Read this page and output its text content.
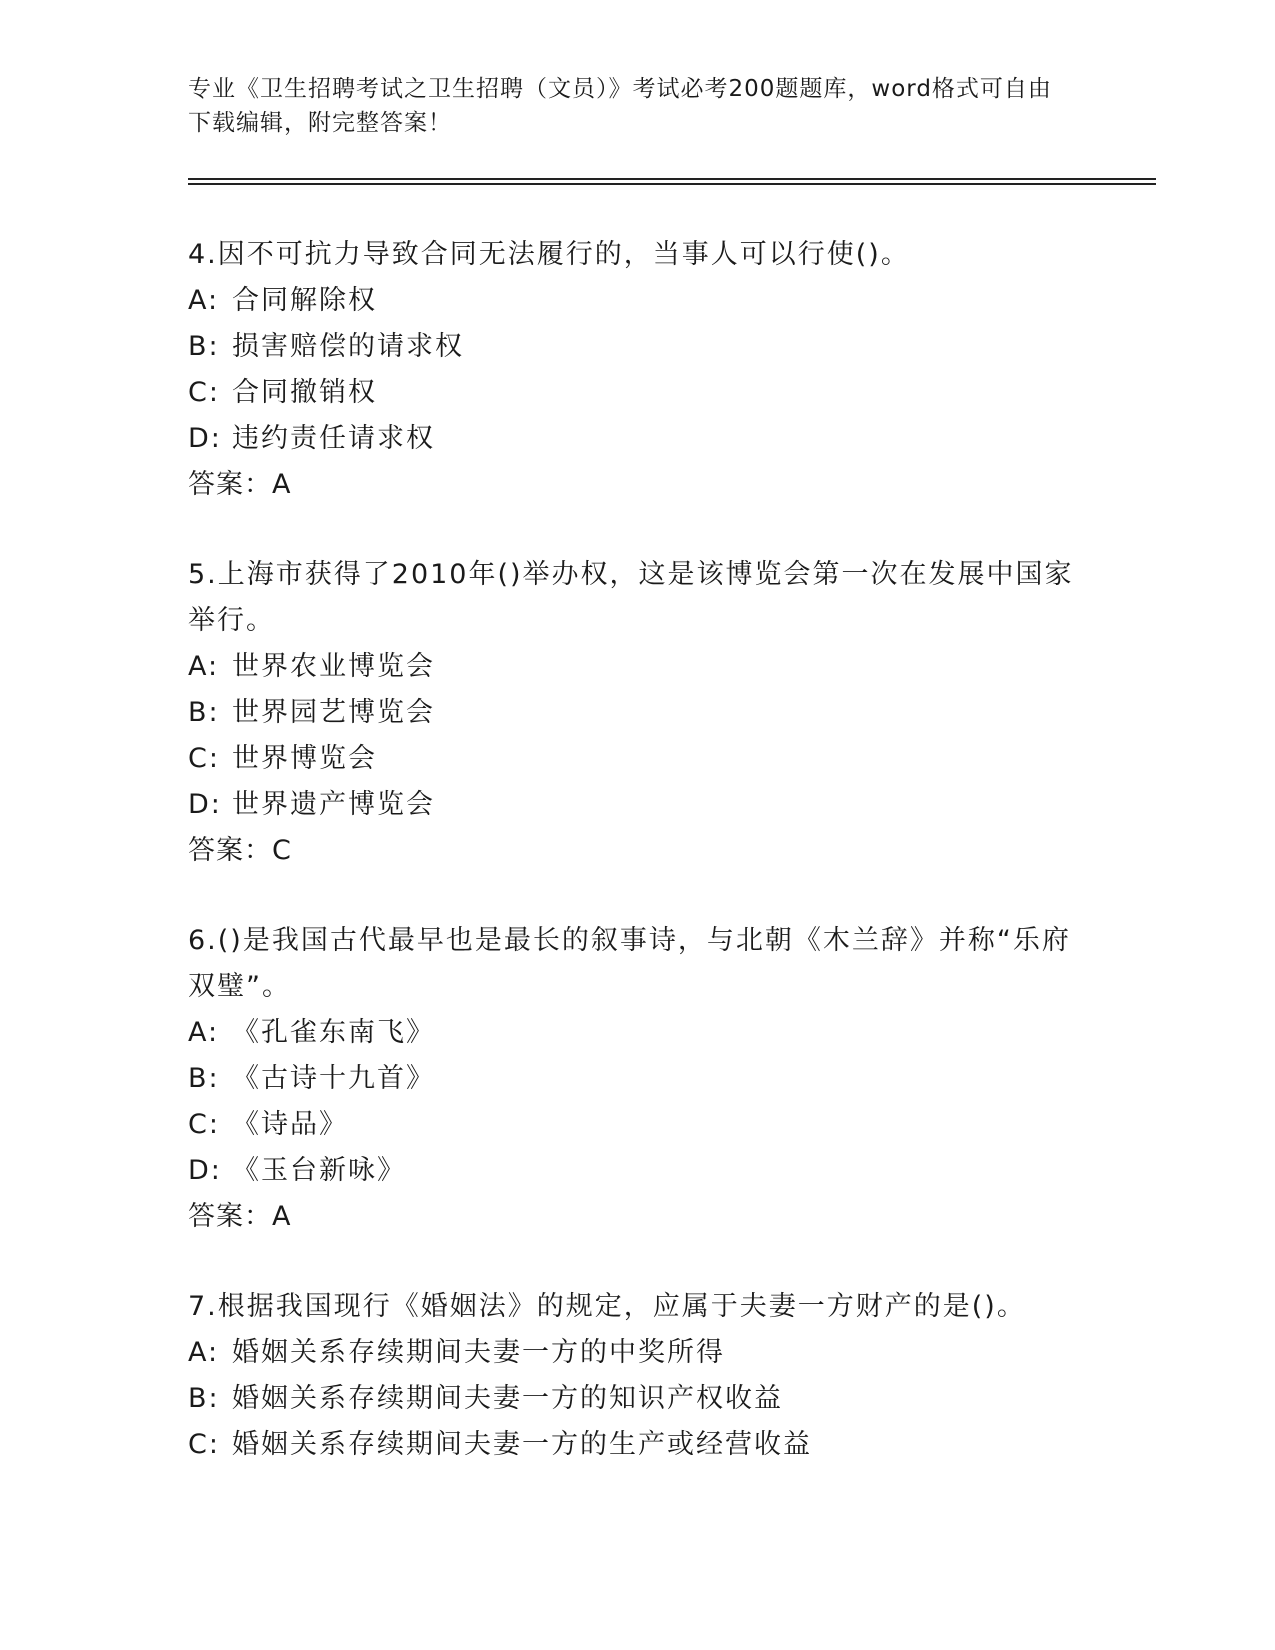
专业《卫生招聘考试之卫生招聘（文员）》考试必考200题题库，word格式可自由下载编辑，附完整答案！

4.因不可抗力导致合同无法履行的，当事人可以行使()。

A: 合同解除权

B: 损害赔偿的请求权

C: 合同撤销权

D: 违约责任请求权

答案：A

5.上海市获得了2010年()举办权，这是该博览会第一次在发展中国家举行。

A: 世界农业博览会

B: 世界园艺博览会

C: 世界博览会

D: 世界遗产博览会

答案：C

6.()是我国古代最早也是最长的叙事诗，与北朝《木兰辞》并称“乐府双璧”。

A: 《孔雀东南飞》

B: 《古诗十九首》

C: 《诗品》

D: 《玉台新咏》

答案：A

7.根据我国现行《婚姻法》的规定，应属于夫妻一方财产的是()。

A: 婚姻关系存续期间夫妻一方的中奖所得

B: 婚姻关系存续期间夫妻一方的知识产权收益

C: 婚姻关系存续期间夫妻一方的生产或经营收益
